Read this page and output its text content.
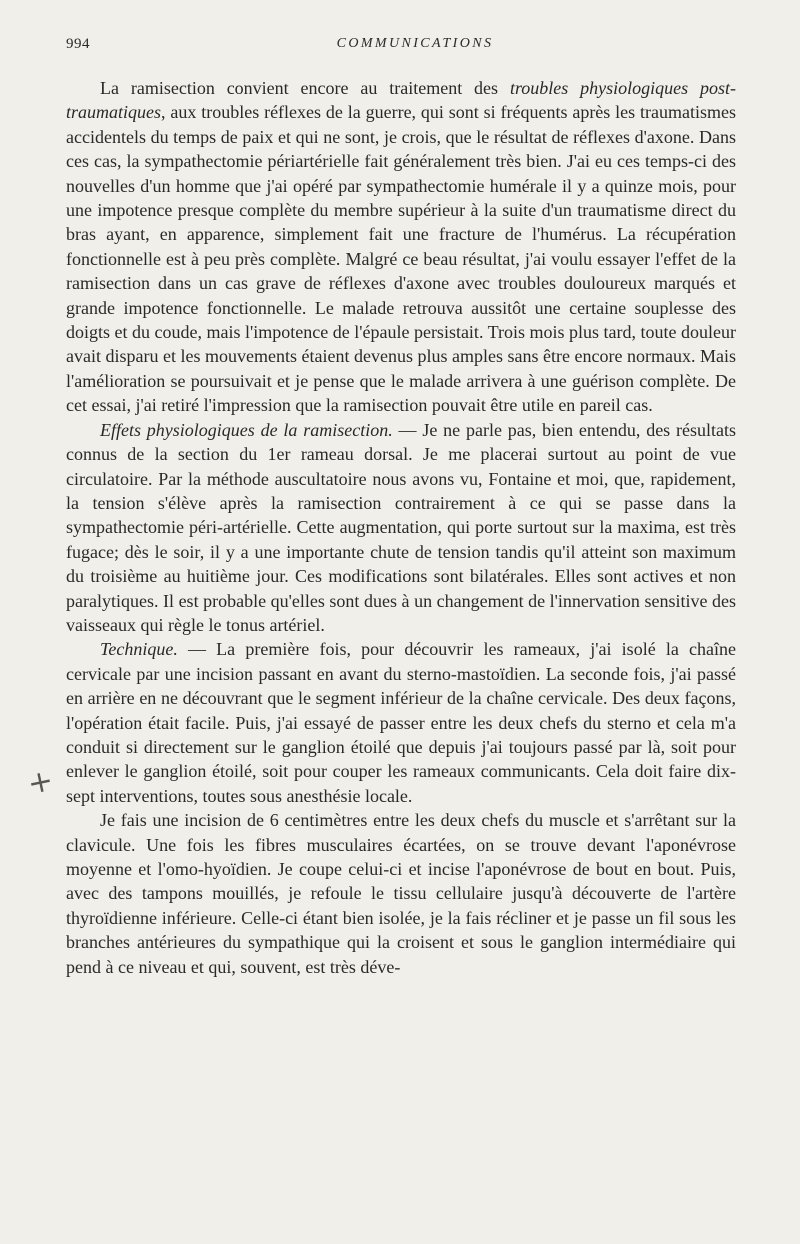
994	COMMUNICATIONS
+

La ramisection convient encore au traitement des troubles physiologiques post-traumatiques, aux troubles réflexes de la guerre, qui sont si fréquents après les traumatismes accidentels du temps de paix et qui ne sont, je crois, que le résultat de réflexes d'axone. Dans ces cas, la sympathectomie périartérielle fait généralement très bien. J'ai eu ces temps-ci des nouvelles d'un homme que j'ai opéré par sympathectomie humérale il y a quinze mois, pour une impotence presque complète du membre supérieur à la suite d'un traumatisme direct du bras ayant, en apparence, simplement fait une fracture de l'humérus. La récupération fonctionnelle est à peu près complète. Malgré ce beau résultat, j'ai voulu essayer l'effet de la ramisection dans un cas grave de réflexes d'axone avec troubles douloureux marqués et grande impotence fonctionnelle. Le malade retrouva aussitôt une certaine souplesse des doigts et du coude, mais l'impotence de l'épaule persistait. Trois mois plus tard, toute douleur avait disparu et les mouvements étaient devenus plus amples sans être encore normaux. Mais l'amélioration se poursuivait et je pense que le malade arrivera à une guérison complète. De cet essai, j'ai retiré l'impression que la ramisection pouvait être utile en pareil cas.

Effets physiologiques de la ramisection. — Je ne parle pas, bien entendu, des résultats connus de la section du 1er rameau dorsal. Je me placerai surtout au point de vue circulatoire. Par la méthode auscultatoire nous avons vu, Fontaine et moi, que, rapidement, la tension s'élève après la ramisection contrairement à ce qui se passe dans la sympathectomie péri-artérielle. Cette augmentation, qui porte surtout sur la maxima, est très fugace; dès le soir, il y a une importante chute de tension tandis qu'il atteint son maximum du troisième au huitième jour. Ces modifications sont bilatérales. Elles sont actives et non paralytiques. Il est probable qu'elles sont dues à un changement de l'innervation sensitive des vaisseaux qui règle le tonus artériel.

Technique. — La première fois, pour découvrir les rameaux, j'ai isolé la chaîne cervicale par une incision passant en avant du sterno-mastoïdien. La seconde fois, j'ai passé en arrière en ne découvrant que le segment inférieur de la chaîne cervicale. Des deux façons, l'opération était facile. Puis, j'ai essayé de passer entre les deux chefs du sterno et cela m'a conduit si directement sur le ganglion étoilé que depuis j'ai toujours passé par là, soit pour enlever le ganglion étoilé, soit pour couper les rameaux communicants. Cela doit faire dix-sept interventions, toutes sous anesthésie locale.

Je fais une incision de 6 centimètres entre les deux chefs du muscle et s'arrêtant sur la clavicule. Une fois les fibres musculaires écartées, on se trouve devant l'aponévrose moyenne et l'omo-hyoïdien. Je coupe celui-ci et incise l'aponévrose de bout en bout. Puis, avec des tampons mouillés, je refoule le tissu cellulaire jusqu'à découverte de l'artère thyroïdienne inférieure. Celle-ci étant bien isolée, je la fais récliner et je passe un fil sous les branches antérieures du sympathique qui la croisent et sous le ganglion intermédiaire qui pend à ce niveau et qui, souvent, est très déve-
